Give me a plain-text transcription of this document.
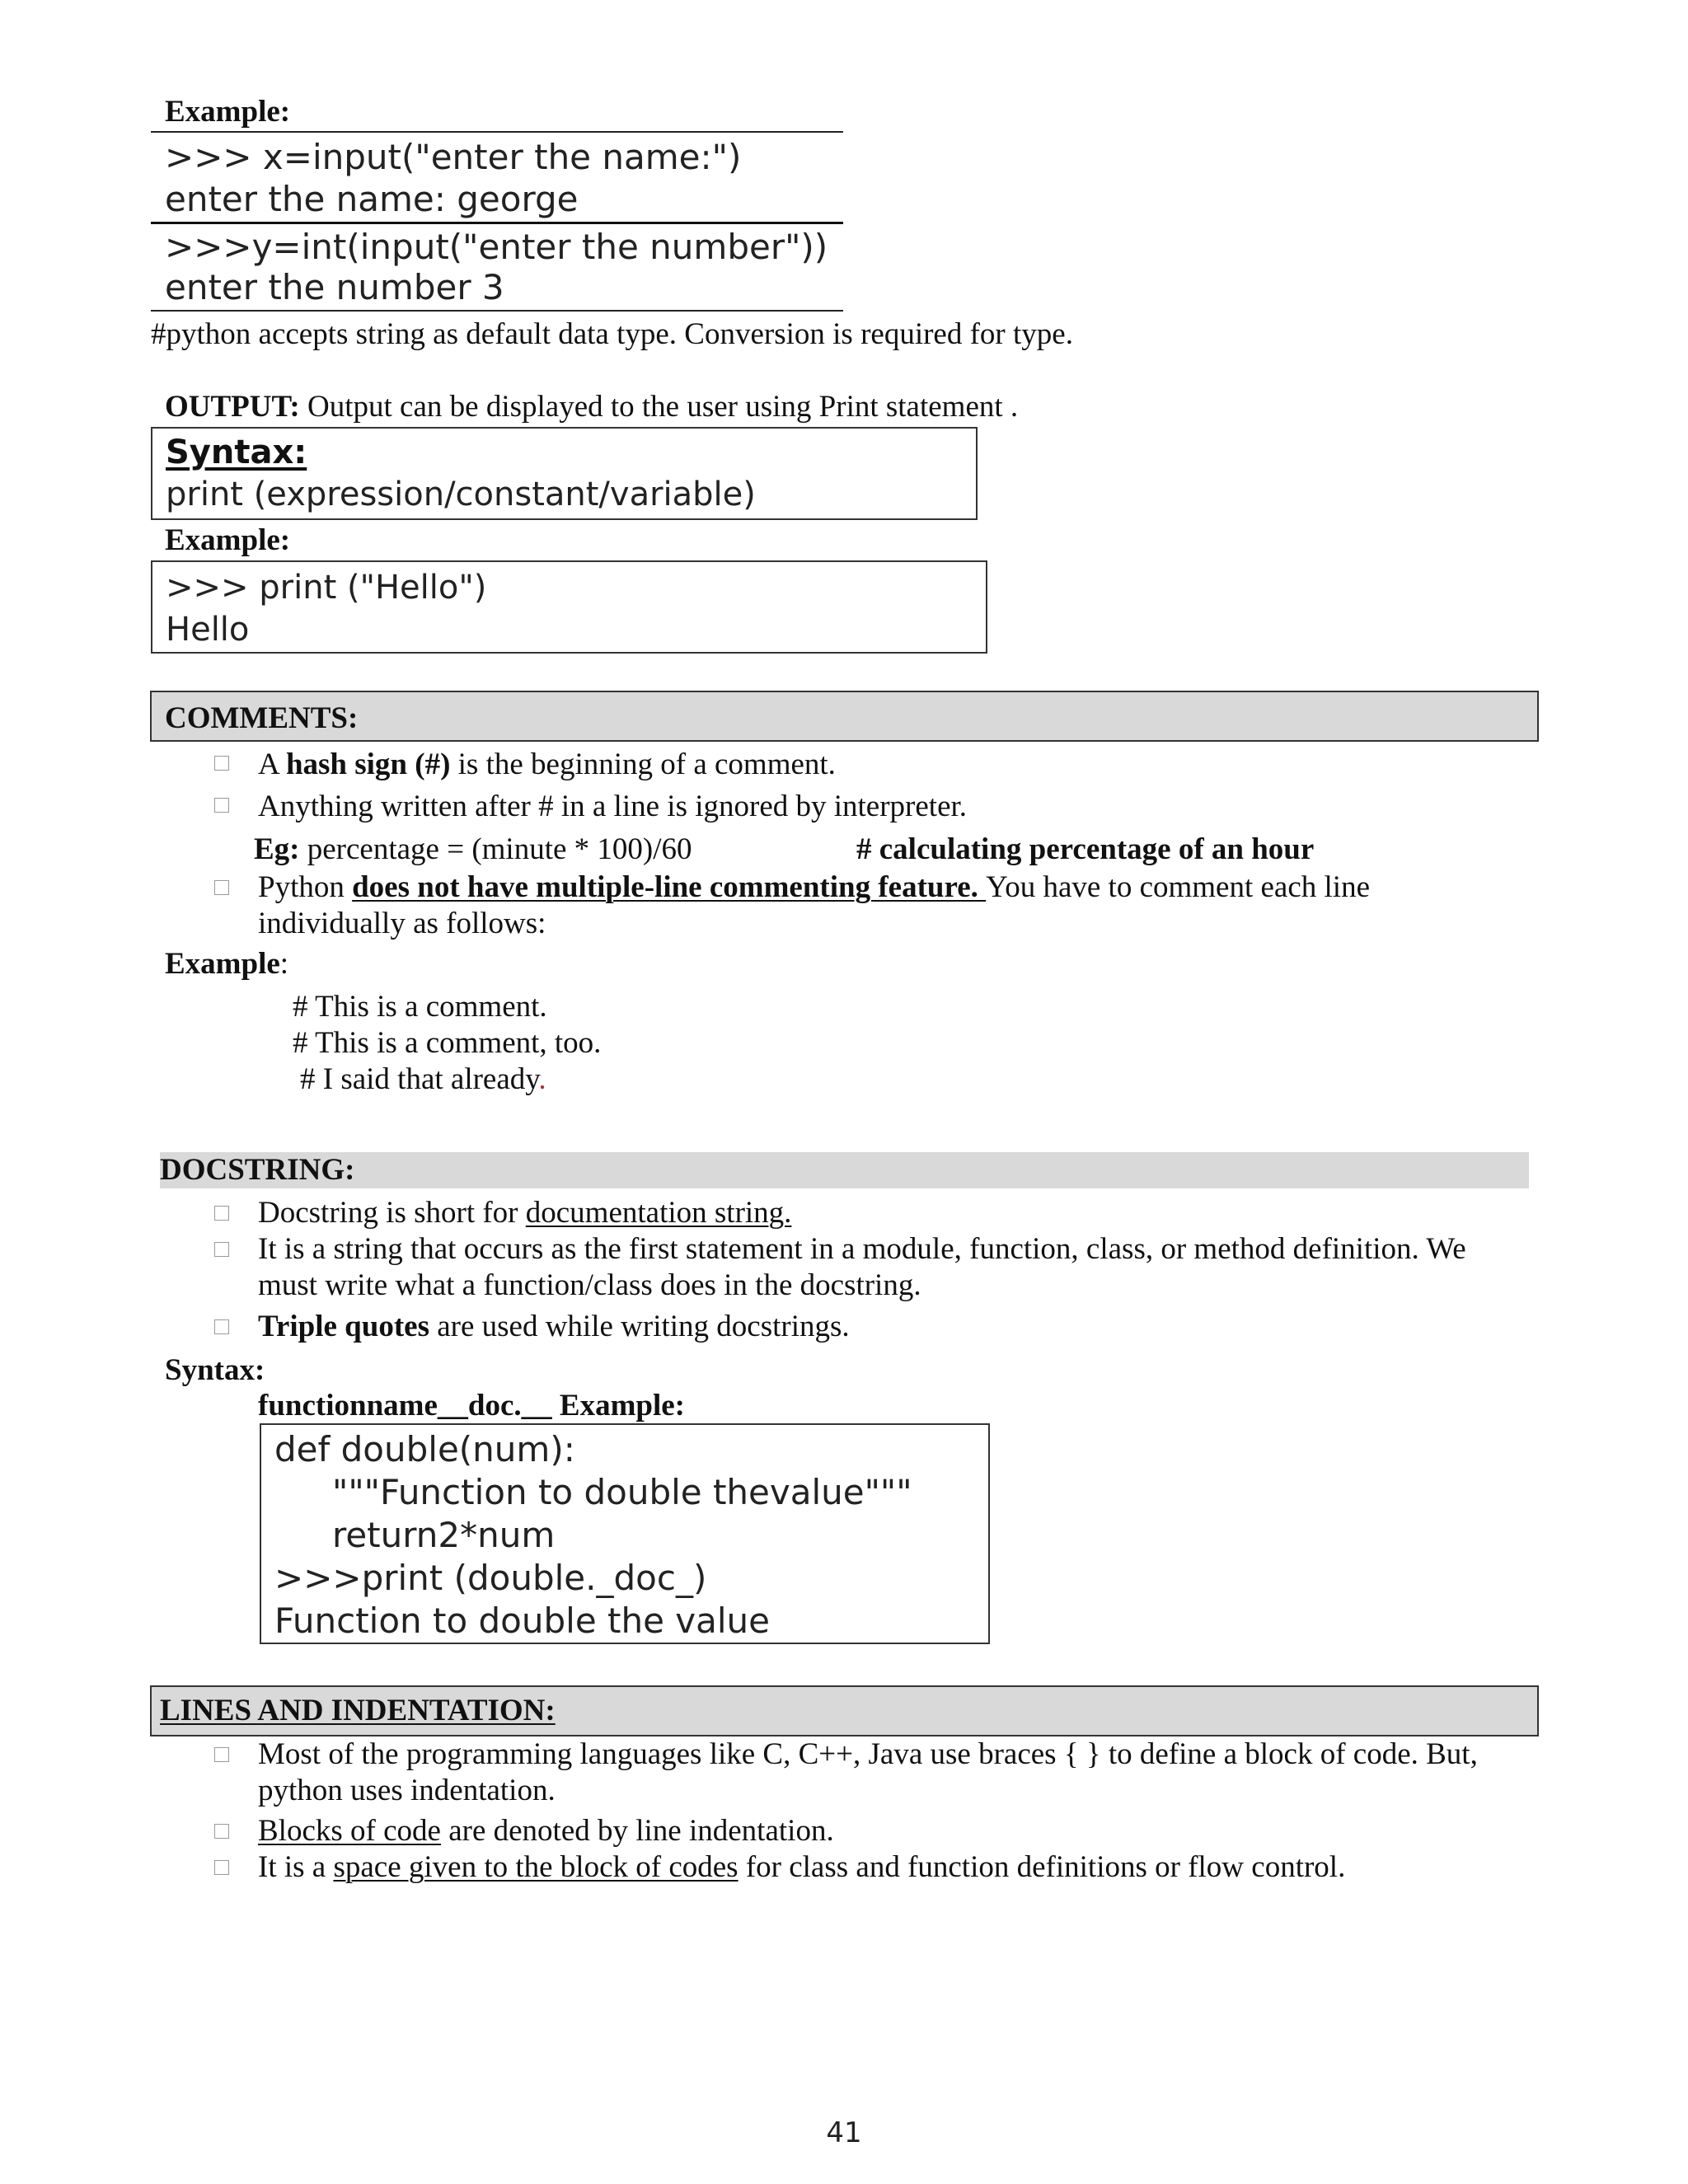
Example:
>>> x=input("enter the name:")
enter the name: george
>>>y=int(input("enter the number"))
enter the number 3
#python accepts string as default data type. Conversion is required for type.
OUTPUT: Output can be displayed to the user using Print statement .
Syntax:
print (expression/constant/variable)
Example:
>>> print ("Hello")
Hello
COMMENTS:
A hash sign (#) is the beginning of a comment.
Anything written after # in a line is ignored by interpreter.
Eg: percentage = (minute * 100)/60	# calculating percentage of an hour
Python does not have multiple-line commenting feature. You have to comment each line
individually as follows:
Example:
# This is a comment.
# This is a comment, too.
# I said that already.
DOCSTRING:
Docstring is short for documentation string.
It is a string that occurs as the first statement in a module, function, class, or method definition. We
must write what a function/class does in the docstring.
Triple quotes are used while writing docstrings.
Syntax:
functionname__doc.__ Example:
def double(num):
"""Function to double thevalue"""
return2*num
>>>print (double._doc_)
Function to double the value
LINES AND INDENTATION:
Most of the programming languages like C, C++, Java use braces { } to define a block of code. But,
python uses indentation.
Blocks of code are denoted by line indentation.
It is a space given to the block of codes for class and function definitions or flow control.
41
